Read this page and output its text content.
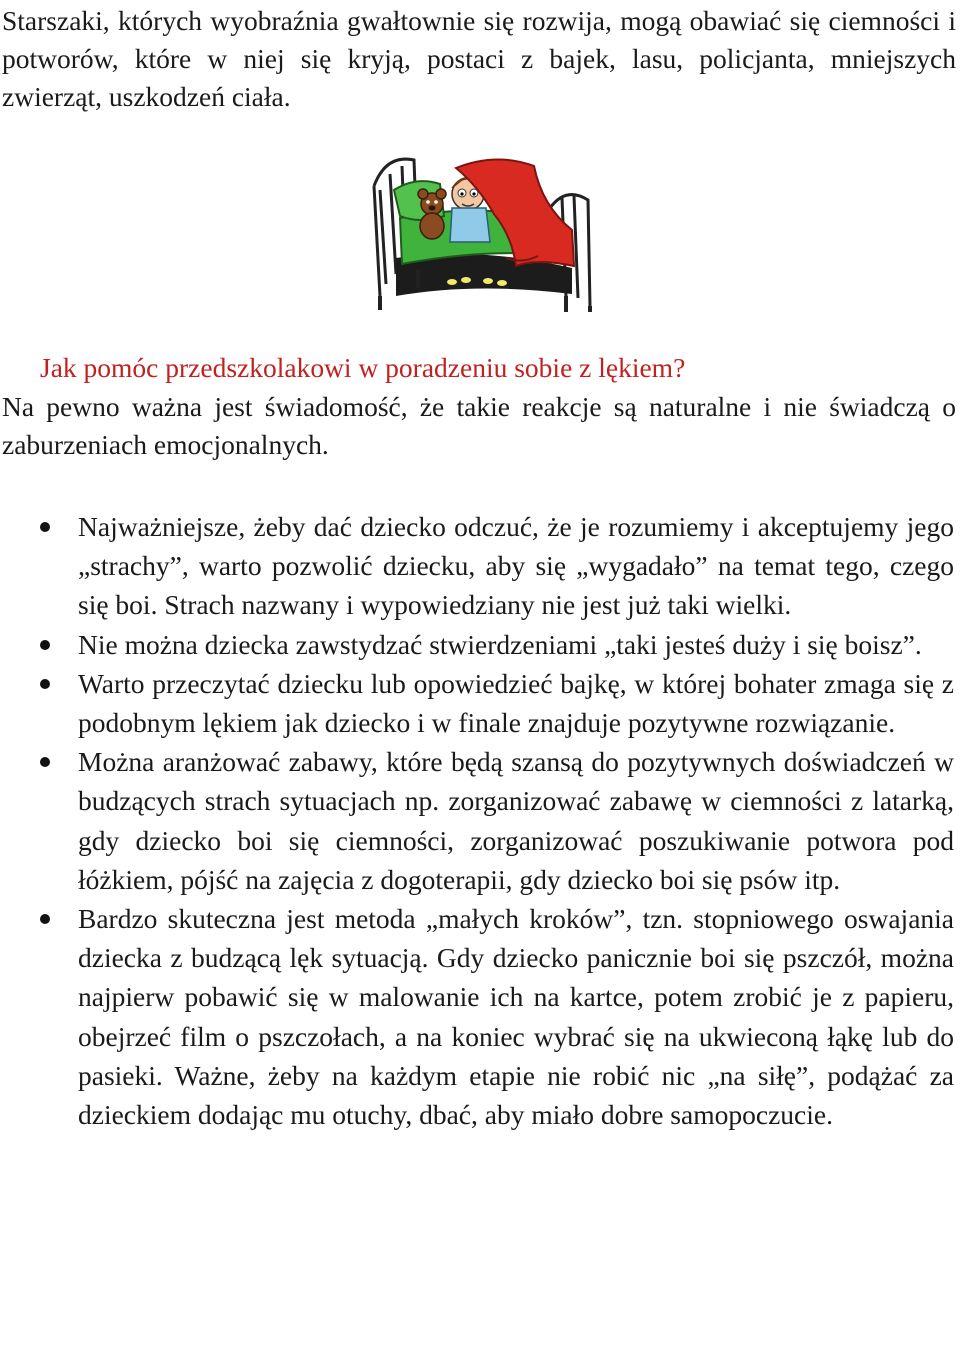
Starszaki, których wyobraźnia gwałtownie się rozwija, mogą obawiać się ciemności i potworów, które w niej się kryją, postaci z bajek, lasu, policjanta, mniejszych zwierząt, uszkodzeń ciała.

Jak pomóc przedszkolakowi w poradzeniu sobie z lękiem?

Na pewno ważna jest świadomość, że takie reakcje są naturalne i nie świadczą o zaburzeniach emocjonalnych.

Najważniejsze, żeby dać dziecko odczuć, że je rozumiemy i akceptujemy jego „strachy”, warto pozwolić dziecku, aby się „wygadało” na temat tego, czego się boi. Strach nazwany i wypowiedziany nie jest już taki wielki.
Nie można dziecka zawstydzać stwierdzeniami „taki jesteś duży i się boisz”.
Warto przeczytać dziecku lub opowiedzieć bajkę, w której bohater zmaga się z podobnym lękiem jak dziecko i w finale znajduje pozytywne rozwiązanie.
Można aranżować zabawy, które będą szansą do pozytywnych doświadczeń w budzących strach sytuacjach np. zorganizować zabawę w ciemności z latarką, gdy dziecko boi się ciemności, zorganizować poszukiwanie potwora pod łóżkiem, pójść na zajęcia z dogoterapii, gdy dziecko boi się psów itp.
Bardzo skuteczna jest metoda „małych kroków”, tzn. stopniowego oswajania dziecka z budzącą lęk sytuacją. Gdy dziecko panicznie boi się pszczół, można najpierw pobawić się w malowanie ich na kartce, potem zrobić je z papieru, obejrzeć film o pszczołach, a na koniec wybrać się na ukwieconą łąkę lub do pasieki. Ważne, żeby na każdym etapie nie robić nic „na siłę”, podążać za dzieckiem dodając mu otuchy, dbać, aby miało dobre samopoczucie.
